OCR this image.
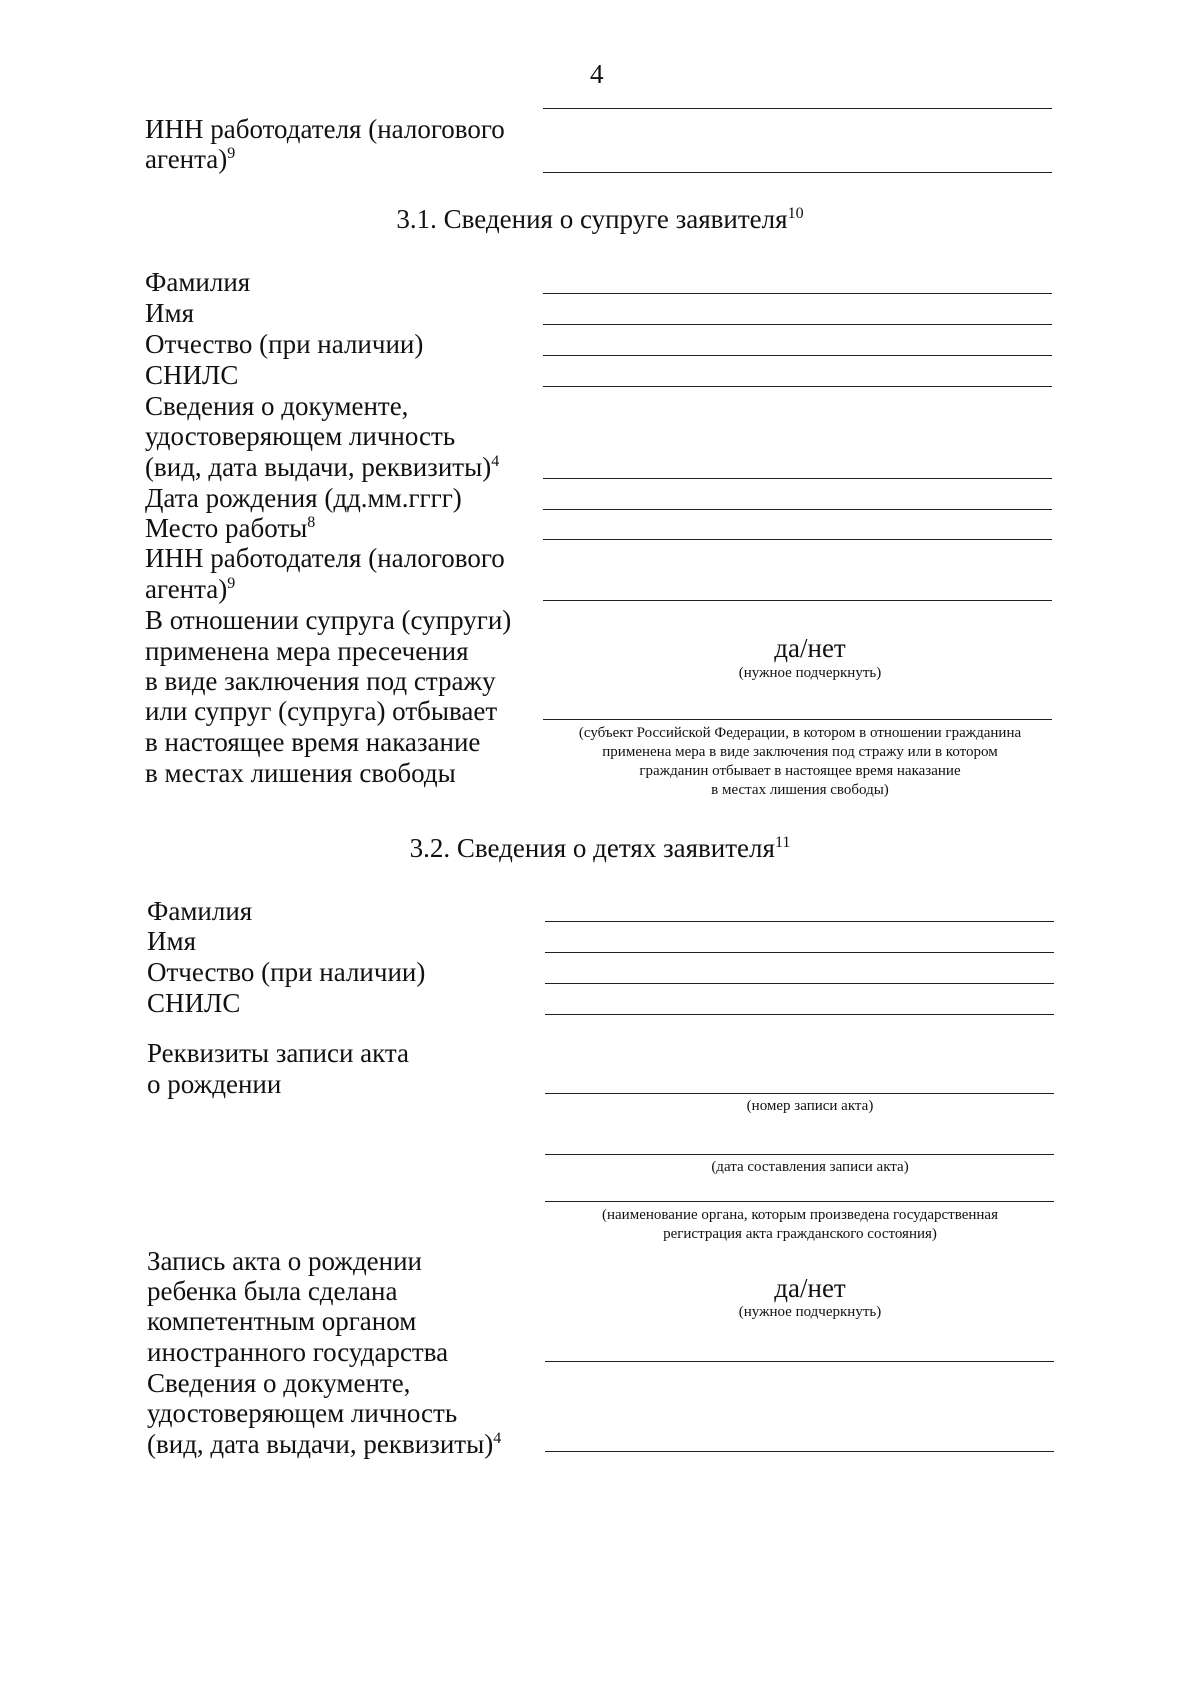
4
ИНН работодателя (налогового
агента)$^9$
3.1. Сведения о супруге заявителя$^{10}$
Фамилия
Имя
Отчество (при наличии)
СНИЛС
Сведения о документе,
удостоверяющем личность
(вид, дата выдачи, реквизиты)$^4$
Дата рождения (дд.мм.гггг)
Место работы$^8$
ИНН работодателя (налогового
агента)$^9$
В отношении супруга (супруги)
применена мера пресечения
в виде заключения под стражу
или супруг (супруга) отбывает
в настоящее время наказание
в местах лишения свободы
да/нет
(нужное подчеркнуть)
(субъект Российской Федерации, в котором в отношении гражданина
применена мера в виде заключения под стражу или в котором
гражданин отбывает в настоящее время наказание
в местах лишения свободы)
3.2. Сведения о детях заявителя$^{11}$
Фамилия
Имя
Отчество (при наличии)
СНИЛС
Реквизиты записи акта
о рождении
(номер записи акта)
(дата составления записи акта)
(наименование органа, которым произведена государственная
регистрация акта гражданского состояния)
Запись акта о рождении
ребенка была сделана
компетентным органом
иностранного государства
да/нет
(нужное подчеркнуть)
Сведения о документе,
удостоверяющем личность
(вид, дата выдачи, реквизиты)$^4$
